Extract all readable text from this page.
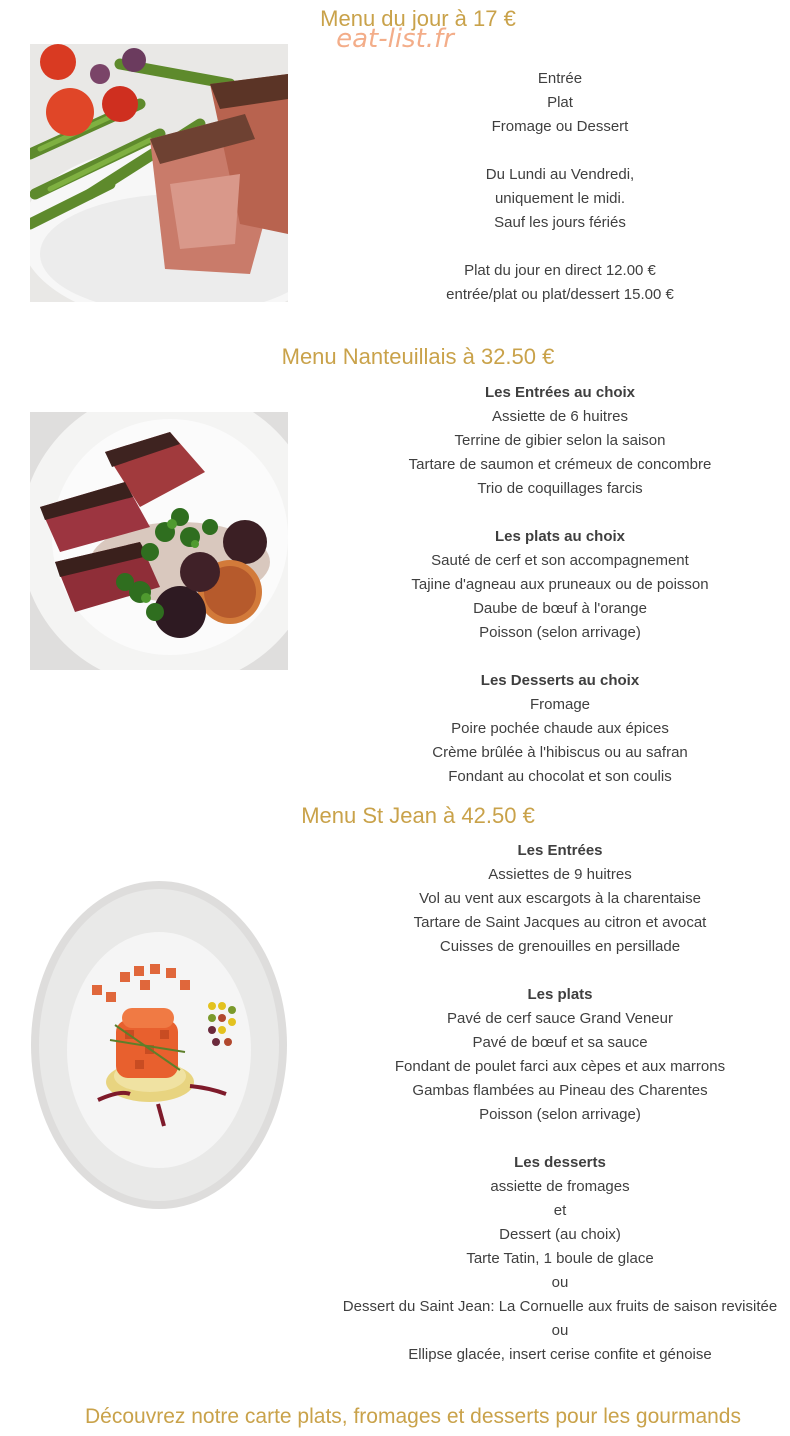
Menu du jour à 17 €
eat-list.fr
Entrée
Plat
Fromage ou Dessert
Du Lundi au Vendredi,
uniquement le midi.
Sauf les jours fériés
Plat du jour en direct 12.00 €
entrée/plat ou plat/dessert 15.00 €
Menu Nanteuillais à 32.50 €
Les Entrées au choix
Assiette de 6 huitres
Terrine de gibier selon la saison
Tartare de saumon et crémeux de concombre
Trio de coquillages farcis
Les plats au choix
Sauté de cerf et son accompagnement
Tajine d'agneau aux pruneaux ou de poisson
Daube de bœuf à l'orange
Poisson (selon arrivage)
Les Desserts au choix
Fromage
Poire pochée chaude aux épices
Crème brûlée à l'hibiscus ou au safran
Fondant au chocolat et son coulis
Menu St Jean à 42.50 €
Les Entrées
Assiettes de 9 huitres
Vol au vent aux escargots à la charentaise
Tartare de Saint Jacques au citron et avocat
Cuisses de grenouilles en persillade
Les plats
Pavé de cerf sauce Grand Veneur
Pavé de bœuf et sa sauce
Fondant de poulet farci aux cèpes et aux marrons
Gambas flambées au Pineau des Charentes
Poisson (selon arrivage)
Les desserts
assiette de fromages
et
Dessert (au choix)
Tarte Tatin, 1 boule de glace
ou
Dessert du Saint Jean: La Cornuelle aux fruits de saison revisitée
ou
Ellipse glacée, insert cerise confite et génoise
Découvrez notre carte plats, fromages et desserts pour les gourmands
